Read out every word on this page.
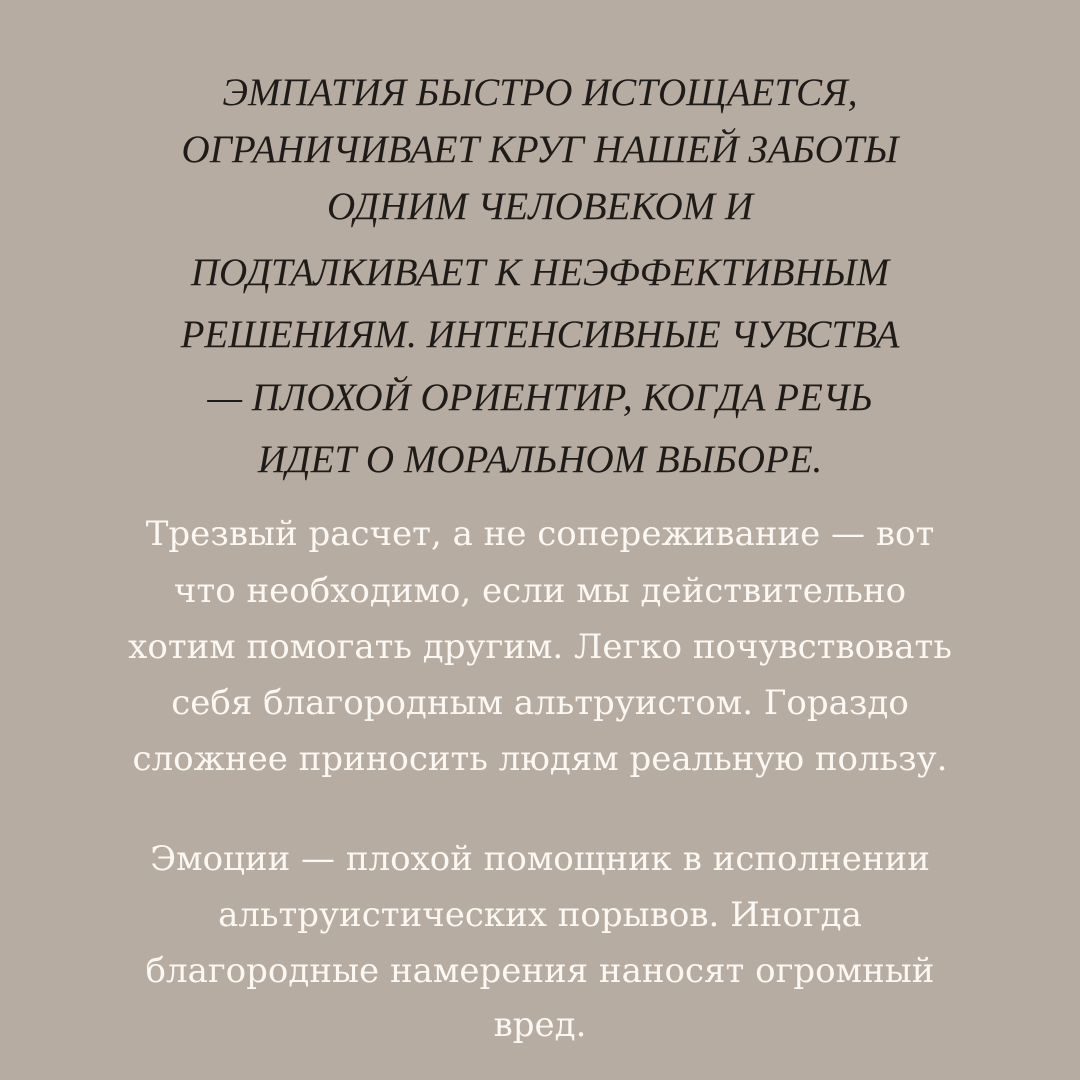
ЭМПАТИЯ БЫСТРО ИСТОЩАЕТСЯ,

ОГРАНИЧИВАЕТ КРУГ НАШЕЙ ЗАБОТЫ

ОДНИМ ЧЕЛОВЕКОМ И

ПОДТАЛКИВАЕТ К НЕЭФФЕКТИВНЫМ

РЕШЕНИЯМ. ИНТЕНСИВНЫЕ ЧУВСТВА

— ПЛОХОЙ ОРИЕНТИР, КОГДА РЕЧЬ

ИДЕТ О МОРАЛЬНОМ ВЫБОРЕ.

Трезвый расчет, а не сопереживание — вот

что необходимо, если мы действительно

хотим помогать другим. Легко почувствовать

себя благородным альтруистом. Гораздо

сложнее приносить людям реальную пользу.

Эмоции — плохой помощник в исполнении

альтруистических порывов. Иногда

благородные намерения наносят огромный

вред.
